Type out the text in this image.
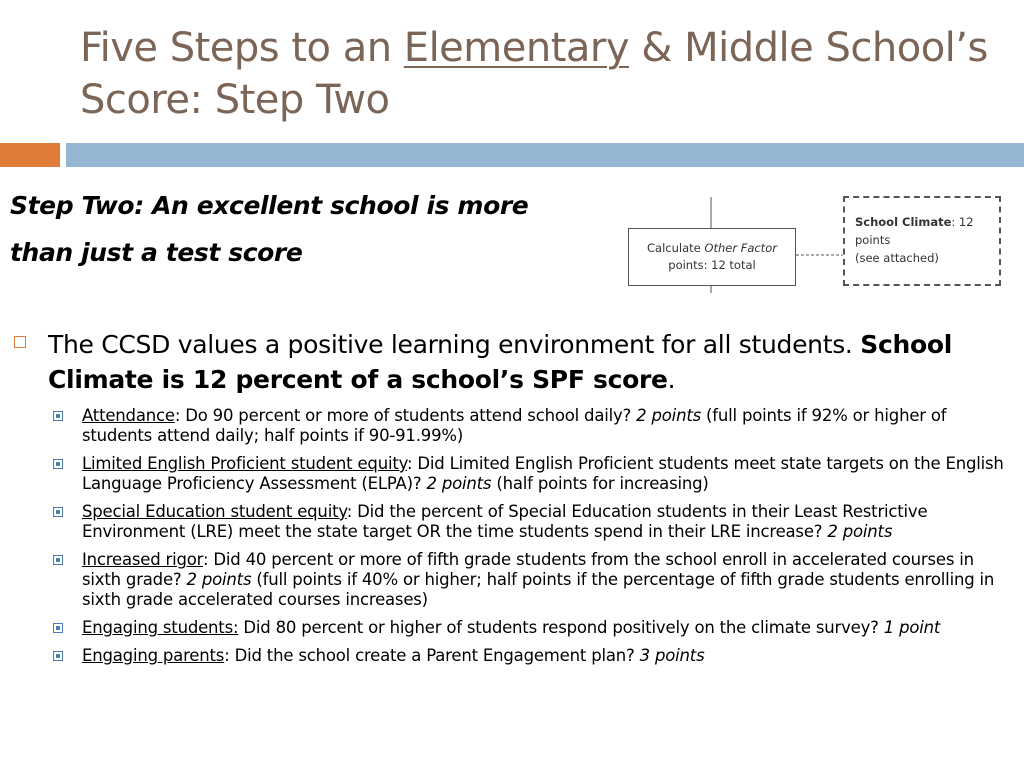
Five Steps to an Elementary & Middle School’s Score: Step Two
Step Two: An excellent school is more
than just a test score	Calculate Other Factor
points: 12 total
School Climate: 12
points
(see attached)
The CCSD values a positive learning environment for all students. School Climate is 12 percent of a school’s SPF score.
Attendance: Do 90 percent or more of students attend school daily? 2 points (full points if 92% or higher of students attend daily; half points if 90-91.99%)
Limited English Proficient student equity: Did Limited English Proficient students meet state targets on the English Language Proficiency Assessment (ELPA)? 2 points (half points for increasing)
Special Education student equity: Did the percent of Special Education students in their Least Restrictive Environment (LRE) meet the state target OR the time students spend in their LRE increase? 2 points
Increased rigor: Did 40 percent or more of fifth grade students from the school enroll in accelerated courses in sixth grade? 2 points (full points if 40% or higher; half points if the percentage of fifth grade students enrolling in sixth grade accelerated courses increases)
Engaging students: Did 80 percent or higher of students respond positively on the climate survey? 1 point
Engaging parents: Did the school create a Parent Engagement plan? 3 points
